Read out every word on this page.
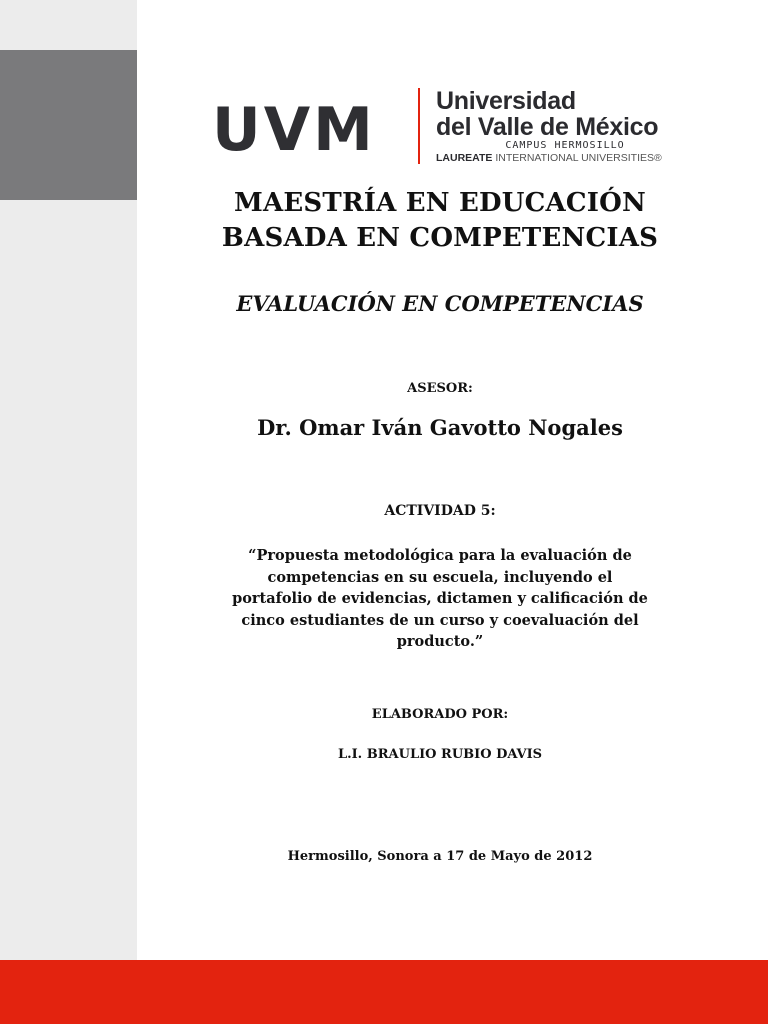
UVM Universidad
del Valle de México
CAMPUS HERMOSILLO
LAUREATE INTERNATIONAL UNIVERSITIES®
MAESTRÍA EN EDUCACIÓN
BASADA EN COMPETENCIAS
EVALUACIÓN EN COMPETENCIAS
ASESOR:
Dr. Omar Iván Gavotto Nogales
ACTIVIDAD 5:
“Propuesta metodológica para la evaluación de competencias en su escuela, incluyendo el portafolio de evidencias, dictamen y calificación de cinco estudiantes de un curso y coevaluación del producto.”
ELABORADO POR:
L.I. BRAULIO RUBIO DAVIS
Hermosillo, Sonora a 17 de Mayo de 2012
